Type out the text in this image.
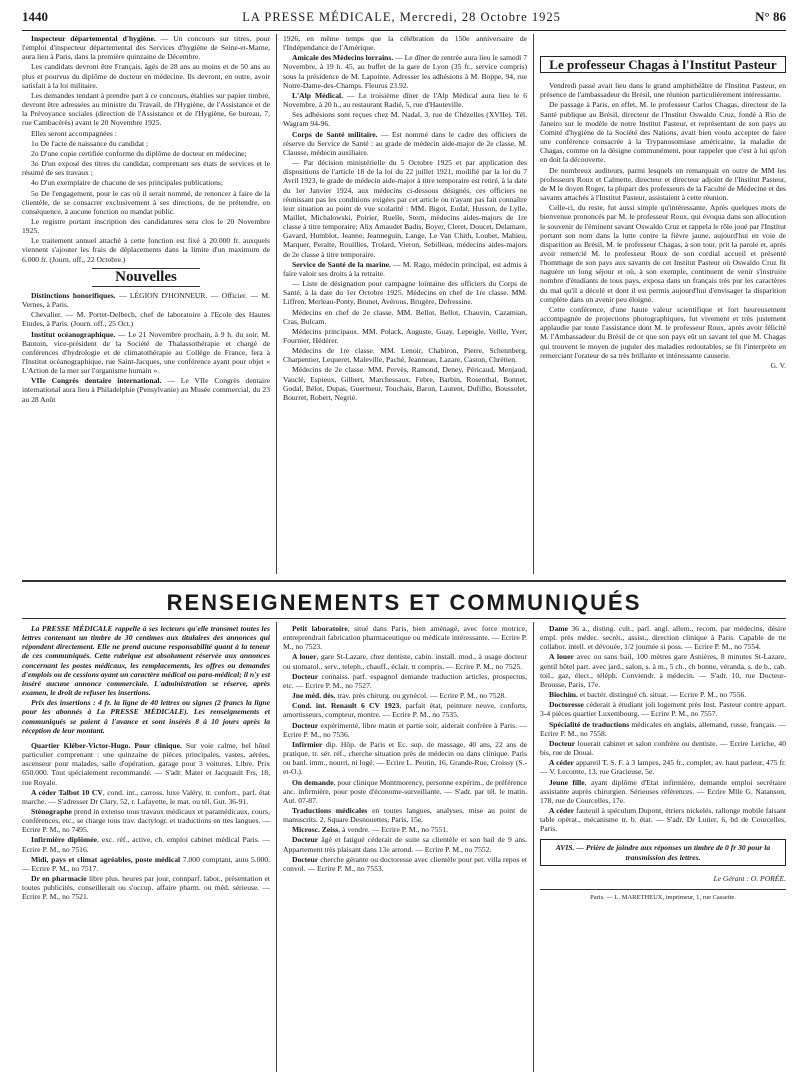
1440	LA PRESSE MÉDICALE, Mercredi, 28 Octobre 1925	N° 86

Inspecteur départemental d'hygiène. — Un concours sur titres, pour l'emploi d'inspecteur départemental des Services d'hygiène de Seine-et-Marne, aura lieu à Paris, dans la première quinzaine de Décembre.

Les candidats devront être Français, âgés de 28 ans au moins et de 50 ans au plus et pourvus du diplôme de docteur en médecine. Ils devront, en outre, avoir satisfait à la loi militaire.

Les demandes tendant à prendre part à ce concours, établies sur papier timbré, devront être adressées au ministre du Travail, de l'Hygiène, de l'Assistance et de la Prévoyance sociales (direction de l'Assistance et de l'Hygiène, 6e bureau, 7, rue Cambacérès) avant le 20 Novembre 1925.

Elles seront accompagnées :

1o De l'acte de naissance du candidat ;

2o D'une copie certifiée conforme du diplôme de docteur en médecine;

3o D'un exposé des titres du candidat, comprenant ses états de services et le résumé de ses travaux ;

4o D'un exemplaire de chacune de ses principales publications;

5o De l'engagement, pour le cas où il serait nommé, de renoncer à faire de la clientèle, de se consacrer exclusivement à ses directions, de ne prétendre, en conséquence, à aucune fonction ou mandat public.

Le registre portant inscription des candidatures sera clos le 20 Novembre 1925.

Le traitement annuel attaché à cette fonction est fixé à 20.000 fr. auxquels viennent s'ajouter les frais de déplacements dans la limite d'un maximum de 6.000 fr. (Journ. off., 22 Octobre.)

Nouvelles

Distinctions honorifiques. — LÉGION D'HONNEUR. — Officier. — M. Vernes, à Paris.

Chevalier. — M. Portet-Delbech, chef de laboratoire à l'Ecole des Hautes Etudes, à Paris. (Journ. off., 25 Oct.)

Institut océanographique. — Le 21 Novembre prochain, à 9 h. du soir, M. Bautoin, vice-président de la Société de Thalassothérapie et chargé de conférences d'hydrologie et de climatothérapie au Collège de France, fera à l'Institut océanographique, rue Saint-Jacques, une conférence ayant pour objet « L'Action de la mer sur l'organisme humain ».

VIIe Congrès dentaire international. — Le VIIe Congrès dentaire international aura lieu à Philadelphie (Pensylvanie) au Musée commercial, du 23 au 28 Août

1926, en même temps que la célébration du 150e anniversaire de l'Indépendance de l'Amérique.

Amicale des Médecins lorrains. — Le dîner de rentrée aura lieu le samedi 7 Novembre, à 19 h. 45, au buffet de la gare de Lyon (35 fr., service compris) sous la présidence de M. Lapointe. Adresser les adhésions à M. Boppe, 94, rue Notre-Dame-des-Champs. Fleurus 23.92.

L'Alp Médical. — Le troisième dîner de l'Alp Médical aura lieu le 6 Novembre, à 20 h., au restaurant Radié, 5, rue d'Hauteville.

Ses adhésions sont reçues chez M. Nadal, 3, rue de Chézelles (XVIIe). Tél. Wagram 94-96.

Corps de Santé militaire. — Est nommé dans le cadre des officiers de réserve du Service de Santé : au grade de médecin aide-major de 2e classe, M. Clausse, médecin auxiliaire.

— Par décision ministérielle du 5 Octobre 1925 et par application des dispositions de l'article 18 de la loi du 22 juillet 1921, modifié par la loi du 7 Avril 1923, le grade de médecin aide-major à titre temporaire est retiré, à la date du 1er Janvier 1924, aux médecins ci-dessous désignés, ces officiers ne réunissant pas les conditions exigées par cet article ou n'ayant pas fait connaître leur situation au point de vue scolarité : MM. Bigot, Eudal, Husson, de Lylle, Maillet, Michalowski, Poirier, Ruelle, Stern, médecins aides-majors de 1re classe à titre temporaire; Alix Amaudet Badis, Boyer, Cleret, Doucet, Delamare, Gavard, Humblot, Jeanne, Jeanneguin, Lange, Le Van Chith, Loubet, Mahieu, Marquer, Peralte, Rouillies, Trolard, Vieron, Sebilleau, médecins aides-majors de 2e classe à titre temporaire.

Service de Santé de la marine. — M. Rago, médecin principal, est admis à faire valoir ses droits à la retraite.

— Liste de désignation pour campagne lointaine des officiers du Corps de Santé, à la date du 1er Octobre 1925. Médecins en chef de 1re classe. MM. Liffren, Merleau-Ponty, Brunet, Avérous, Brugère, Defressine.

Médecins en chef de 2e classe. MM. Bellot, Bellot, Chauvin, Cazamian, Cras, Bulcam.

Médecins principaux. MM. Polack, Auguste, Guay, Lepeigle, Veille, Yver, Fournier, Hédérer.

Médecins de 1re classe. MM. Lenoir, Chabiron, Pierre, Schennberg, Charpentier, Lequeret, Maleville, Paché, Jeanneau, Lazare, Caston, Chrétien.

Médecins de 2e classe. MM. Pervès, Ramond, Deney, Péricaud, Menjaud, Vauclé, Espieux, Gilbert, Marchessaux, Febre, Barbin, Rosenthal, Bonnet, Godal, Bélot, Dupas, Guermeur, Touchais, Baron, Laurent, Dufilho, Boussolet, Bourret, Robert, Negrié.

Le professeur Chagas à l'Institut Pasteur

Vendredi passé avait lieu dans le grand amphithéâtre de l'Institut Pasteur, en présence de l'ambassadeur du Brésil, une réunion particulièrement intéressante.

De passage à Paris, en effet, M. le professeur Carlos Chagas, directeur de la Santé publique au Brésil, directeur de l'Institut Oswaldo Cruz, fondé à Rio de Janeiro sur le modèle de notre Institut Pasteur, et représentant de son pays au Comité d'hygiène de la Société des Nations, avait bien voulu accepter de faire une conférence consacrée à la Trypanosomiase américaine, la maladie de Chagas, comme on la désigne communément, pour rappeler que c'est à lui qu'on en doit la découverte.

De nombreux auditeurs, parmi lesquels on remarquait en outre de MM les professeurs Roux et Calmette, directeur et directeur adjoint de l'Institut Pasteur, de M le doyen Roger, la plupart des professeurs de la Faculté de Médecine et des savants attachés à l'Institut Pasteur, assistaient à cette réunion.

Celle-ci, du reste, fut aussi simple qu'intéressante. Après quelques mots de bienvenue prononcés par M. le professeur Roux, qui évoqua dans son allocution le souvenir de l'éminent savant Oswaldo Cruz et rappela le rôle joué par l'Institut portant son nom dans la lutte contre la fièvre jaune, aujourd'hui en voie de disparition au Brésil, M. le professeur Chagas, à son tour, prit la parole et, après avoir remercié M. le professeur Roux de son cordial accueil et présenté l'hommage de son pays aux savants de cet Institut Pasteur où Oswaldo Cruz fit naguère un long séjour et où, à son exemple, continuent de venir s'instruire nombre d'étudiants de tous pays, exposa dans un français très pur les caractères du mal qu'il a décelé et dont il est permis aujourd'hui d'envisager la disparition complète dans un avenir peu éloigné.

Cette conférence, d'une haute valeur scientifique et fort heureusement accompagnée de projections photographiques, fut vivement et très justement applaudie par toute l'assistance dont M. le professeur Roux, après avoir félicité M. l'Ambassadeur du Brésil de ce que son pays eût un savant tel que M. Chagas qui trouvent le moyen de juguler des maladies redoutables, se fit l'interprète en remerciant l'orateur de sa très brillante et intéressante causerie.

G. V.

RENSEIGNEMENTS ET COMMUNIQUÉS

La PRESSE MÉDICALE rappelle à ses lecteurs qu'elle transmet toutes les lettres contenant un timbre de 30 centimes aux titulaires des annonces qui répondent directement. Elle ne prend aucune responsabilité quant à la teneur de ces communiqués. Cette rubrique est absolument réservée aux annonces concernant les postes médicaux, les remplacements, les offres ou demandes d'emplois ou de cessions ayant un caractère médical ou para-médical; il n'y est inséré aucune annonce commerciale. L'administration se réserve, après examen, le droit de refuser les insertions.

Prix des insertions : 4 fr. la ligne de 40 lettres ou signes (2 francs la ligne pour les abonnés à La PRESSE MÉDICALE). Les renseignements et communiqués se paient à l'avance et sont insérés 8 à 10 jours après la réception de leur montant.

Quartier Kléber-Victor-Hugo. Pour clinique. Sur voie calme, bel hôtel particulier comprenant : une quinzaine de pièces principales, vastes, aérées, ascenseur pour malades, salle d'opération, garage pour 3 voitures. Libre. Prix 650.000. Tout spécialement recommandé. — S'adr. Mater et Jacquault Frs, 18, rue Royale.

A céder Talbot 10 CV, cond. int., carross. luxe Valéry, tr. confort., parf. état marche. — S'adresser Dr Clary, 52, r. Lafayette, le mat. ou tél. Gut. 36-91.

Sténographe prend in extenso tous travaux médicaux et paramédicaux, cours, conférences, etc., se charge tous trav. dactylogr. et traductions en ttes langues. — Ecrire P. M., no 7495.

Infirmière diplômée, exc. réf., active, ch. emploi cabinet médical Paris. — Ecrire P. M., no 7516.

Midi, pays et climat agréables, poste médical 7.000 comptant, auto 5.000. — Ecrire P. M., no 7517.

Dr en pharmacie libre plus. heures par jour, connparf. labor., présentation et toutes publicités, conseillerait ou s'occup. affaire pharm. ou méd. sérieuse. — Ecrire P. M., no 7521.

Petit laboratoire, situé dans Paris, bien aménagé, avec force motrice, entreprendrait fabrication pharmaceutique ou médicale intéressante. — Ecrire P. M., no 7523.

A louer, gare St-Lazare, chez dentiste, cabin. install. mod., à usage docteur ou stomatol., serv., teleph., chauff., éclair. tt compris. — Ecrire P. M., no 7525.

Docteur connaiss. parf. espagnol demande traduction articles, prospectus, etc. — Ecrire P. M., no 7527.

Jne méd. dés. trav. près chirurg. ou gynécol. — Ecrire P. M., no 7528.

Cond. int. Renault 6 CV 1923, parfait état, peinture neuve, conforts, amortisseurs, compteur, montre. — Ecrire P. M., no 7535.

Docteur expérimenté, libre matin et partie soir, aiderait confrère à Paris. — Ecrire P. M., no 7536.

Infirmier dip. Hôp. de Paris et Ec. sup. de massage, 40 ans, 22 ans de pratique, tr. sér. réf., cherche situation près de médecin ou dans clinique. Paris ou banl. imm., nourri, ni logé. — Ecrire L. Peutin, 16, Grande-Rue, Croissy (S.-et-O.).

On demande, pour clinique Montmorency, personne expérim., de préférence anc. infirmière, pour poste d'économe-surveillante. — S'adr. par tél. le matin. Aut. 07-87.

Traductions médicales en toutes langues, analyses, mise au point de manuscrits. 2, Square Desnouettes, Paris, 15e.

Microsc. Zeiss, à vendre. — Ecrire P. M., no 7551.

Docteur âgé et fatigué céderait de suite sa clientèle et son bail de 9 ans. Appartement très plaisant dans 13e arrond. — Ecrire P. M., no 7552.

Docteur cherche gérante ou doctoresse avec clientèle pour pet. villa repos et convol. — Ecrire P. M., no 7553.

Dame 36 a., disting. cult., parl. angl. allem., recom. par médecins, désire empl. près médec. secrét., assist., direction clinique à Paris. Capable de tte collabor. intell. et dévouée, 1/2 journée si poss. — Ecrire P. M., no 7554.

A louer avec ou sans bail, 100 mètres gare Asnières, 8 minutes St-Lazare, gentil hôtel part. avec jard., salon, s. à m., 5 ch., ch bonne, véranda, s. de b., cab. toil., gaz, élect., téléph. Conviendr. à médecin. — S'adr. 10, rue Docteur-Brousse, Paris, 17e.

Biochim. et bactér. distingué ch. situat. — Ecrire P. M., no 7556.

Doctoresse céderait à étudiant joli logement près Inst. Pasteur contre appart. 3-4 pièces quartier Luxembourg. — Ecrire P. M., no 7557.

Spécialité de traductions médicales en anglais, allemand, russe, français. — Ecrire P. M., no 7558.

Docteur louerait cabinet et salon confrère ou dentiste. — Ecrire Leriche, 40 bis, rue de Douai.

A céder appareil T. S. F. à 3 lampes, 245 fr., complet; av. haut parleur, 475 fr. — V. Lecomte, 13, rue Gracieuse, 5e.

Jeune fille, ayant diplôme d'Etat infirmière, demande emploi secrétaire assistante auprès chirurgien. Sérieuses références. — Ecrire Mlle G. Natanson, 178, rue de Courcelles, 17e.

A céder fauteuil à spéculum Dupont, étriers nickelés, rallonge mobile faisant table opérat., mécanisme tr. b. état. — S'adr. Dr Lutier, 6, bd de Courcelles, Paris.

AVIS. — Prière de joindre aux réponses un timbre de 0 fr 30 pour la transmission des lettres.

Le Gérant : O. PORÉE.

Paris. — L. MARETHEUX, imprimeur, 1, rue Cassette.
